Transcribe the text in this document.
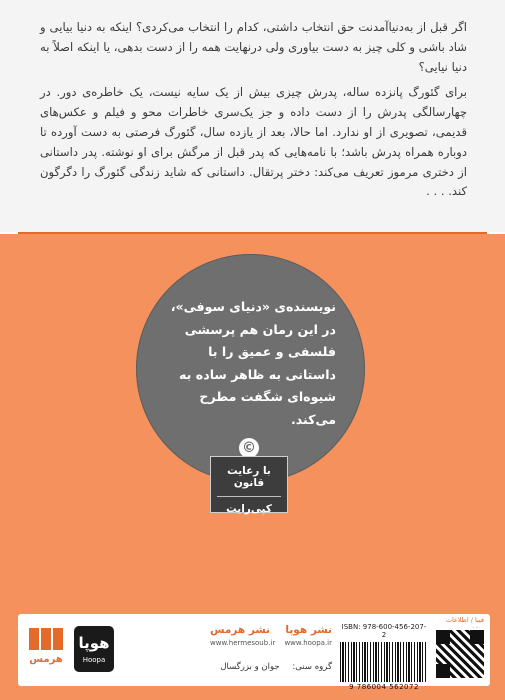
اگر قبل از به‌دنیاآمدنت حق انتخاب داشتی، کدام را انتخاب می‌کردی؟ اینکه به دنیا بیایی و شاد باشی و کلی چیز به دست بیاوری ولی درنهایت همه را از دست بدهی، یا اینکه اصلاً به دنیا نیایی؟

برای گئورگ پانزده ساله، پدرش چیزی بیش از یک سایه نیست، یک خاطره‌ی دور. در چهارسالگی پدرش را از دست داده و جز یک‌سری خاطرات محو و فیلم و عکس‌های قدیمی، تصویری از او ندارد. اما حالا، بعد از یازده سال، گئورگ فرصتی به دست آورده تا دوباره همراه پدرش باشد؛ با نامه‌هایی که پدر قبل از مرگش برای او نوشته. پدر داستانی از دختری مرموز تعریف می‌کند: دختر پرتقال. داستانی که شاید زندگی گئورگ را دگرگون کند. . . .

نویسنده‌ی «دنیای سوفی»، در این رمان هم پرسشی فلسفی و عمیق را با داستانی به ظاهر ساده به شیوه‌ای شگفت مطرح می‌کند.
©
با رعایت قانون
کپی‌رایت
هرمس
هوپا
Hoopa
نشر هرمس
www.hermesoub.ir
نشر هوپا
www.hoopa.ir
گروه سنی: جوان و بزرگسال
ISBN: 978-600-456-207-2
9 786004 562072
فیبا / اطلاعات
